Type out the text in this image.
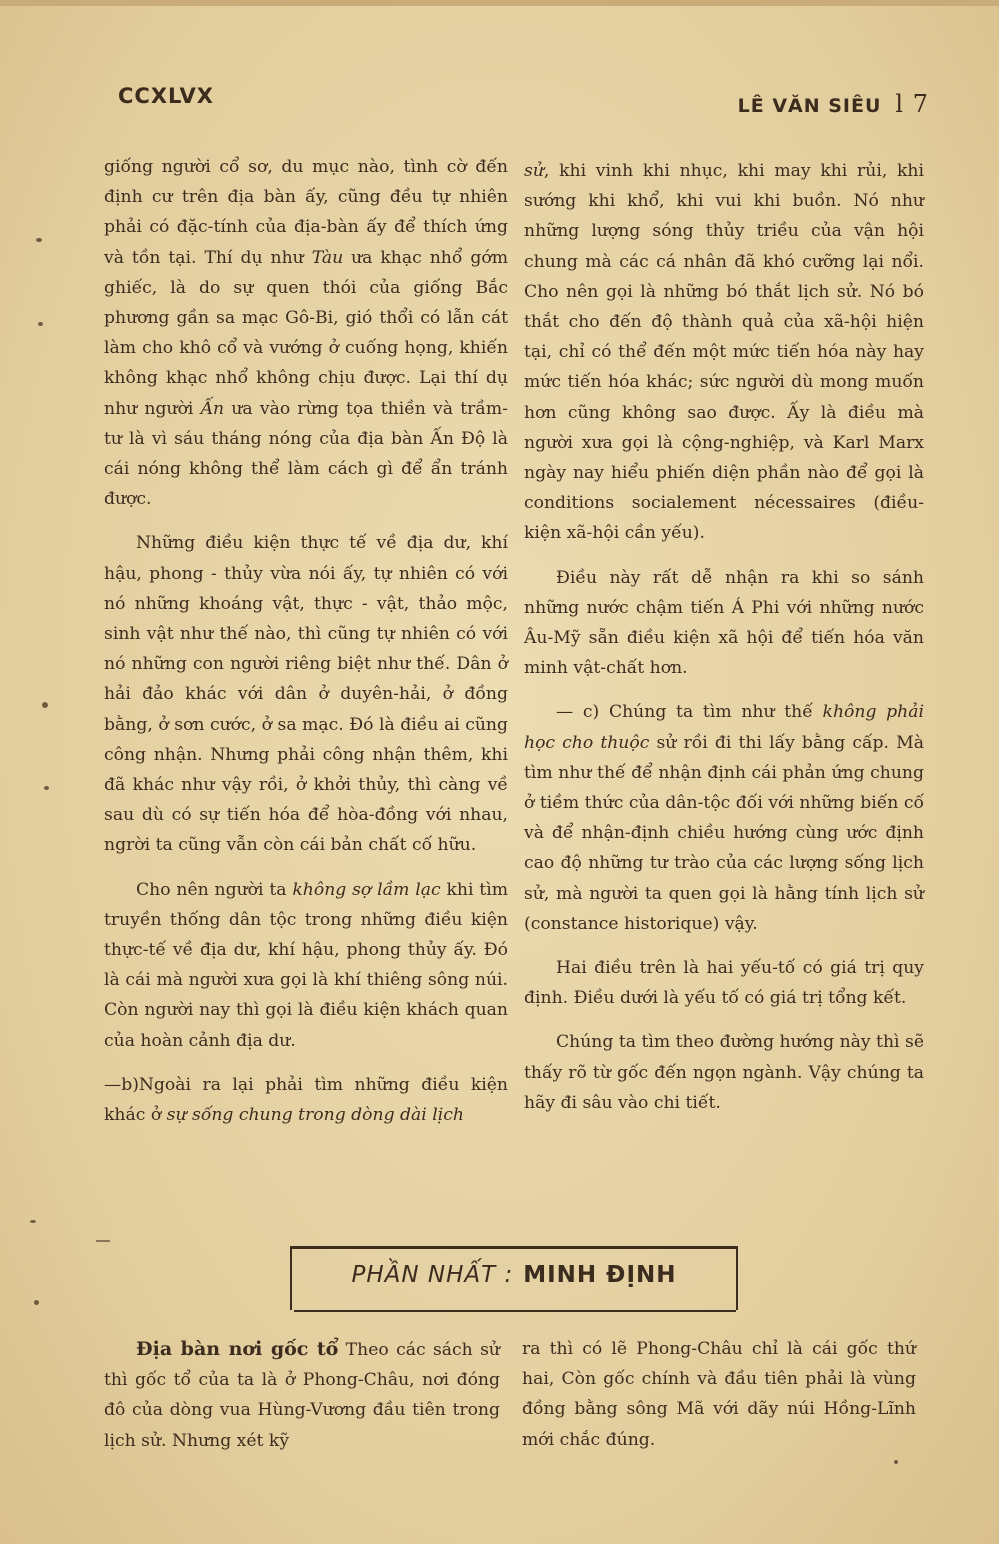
CCXLVX	LÊ VĂN SIÊU l 7

giống người cổ sơ, du mục nào, tình cờ đến định cư trên địa bàn ấy, cũng đều tự nhiên phải có đặc-tính của địa-bàn ấy để thích ứng và tồn tại. Thí dụ như Tàu ưa khạc nhổ gớm ghiếc, là do sự quen thói của giống Bắc phương gần sa mạc Gô-Bi, gió thổi có lẫn cát làm cho khô cổ và vướng ở cuống họng, khiến không khạc nhổ không chịu được. Lại thí dụ như người Ấn ưa vào rừng tọa thiền và trầm-tư là vì sáu tháng nóng của địa bàn Ấn Độ là cái nóng không thể làm cách gì để ẩn tránh được.

Những điều kiện thực tế về địa dư, khí hậu, phong - thủy vừa nói ấy, tự nhiên có với nó những khoáng vật, thực - vật, thảo mộc, sinh vật như thế nào, thì cũng tự nhiên có với nó những con người riêng biệt như thế. Dân ở hải đảo khác với dân ở duyên-hải, ở đồng bằng, ở sơn cước, ở sa mạc. Đó là điều ai cũng công nhận. Nhưng phải công nhận thêm, khi đã khác như vậy rồi, ở khởi thủy, thì càng về sau dù có sự tiến hóa để hòa-đồng với nhau, ngrời ta cũng vẫn còn cái bản chất cố hữu.

Cho nên người ta không sợ lầm lạc khi tìm truyền thống dân tộc trong những điều kiện thực-tế về địa dư, khí hậu, phong thủy ấy. Đó là cái mà người xưa gọi là khí thiêng sông núi. Còn người nay thì gọi là điều kiện khách quan của hoàn cảnh địa dư.

—b)Ngoài ra lại phải tìm những điều kiện khác ở sự sống chung trong dòng dài lịch

sử, khi vinh khi nhục, khi may khi rủi, khi sướng khi khổ, khi vui khi buồn. Nó như những lượng sóng thủy triều của vận hội chung mà các cá nhân đã khó cưỡng lại nổi. Cho nên gọi là những bó thắt lịch sử. Nó bó thắt cho đến độ thành quả của xã-hội hiện tại, chỉ có thể đến một mức tiến hóa này hay mức tiến hóa khác; sức người dù mong muốn hơn cũng không sao được. Ấy là điều mà người xưa gọi là cộng-nghiệp, và Karl Marx ngày nay hiểu phiến diện phần nào để gọi là conditions socialement nécessaires (điều-kiện xã-hội cần yếu).

Điều này rất dễ nhận ra khi so sánh những nước chậm tiến Á Phi với những nước Âu-Mỹ sẵn điều kiện xã hội để tiến hóa văn minh vật-chất hơn.

— c) Chúng ta tìm như thế không phải học cho thuộc sử rồi đi thi lấy bằng cấp. Mà tìm như thế để nhận định cái phản ứng chung ở tiềm thức của dân-tộc đối với những biến cố và để nhận-định chiều hướng cùng ước định cao độ những tư trào của các lượng sống lịch sử, mà người ta quen gọi là hằng tính lịch sử (constance historique) vậy.

Hai điều trên là hai yếu-tố có giá trị quy định. Điều dưới là yếu tố có giá trị tổng kết.

Chúng ta tìm theo đường hướng này thì sẽ thấy rõ từ gốc đến ngọn ngành. Vậy chúng ta hãy đi sâu vào chi tiết.

PHẦN NHẤT : MINH ĐỊNH

Địa bàn nơi gốc tổ Theo các sách sử thì gốc tổ của ta là ở Phong-Châu, nơi đóng đô của dòng vua Hùng-Vương đầu tiên trong lịch sử. Nhưng xét kỹ

ra thì có lẽ Phong-Châu chỉ là cái gốc thứ hai, Còn gốc chính và đầu tiên phải là vùng đồng bằng sông Mã với dãy núi Hồng-Lĩnh mới chắc đúng.
